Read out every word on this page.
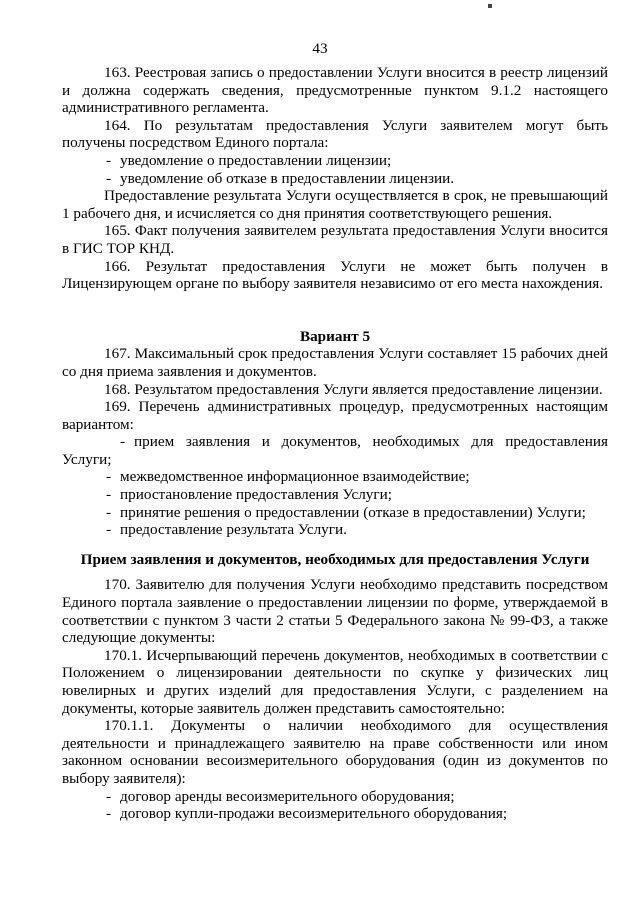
43

163. Реестровая запись о предоставлении Услуги вносится в реестр лицензий и должна содержать сведения, предусмотренные пунктом 9.1.2 настоящего административного регламента.

164. По результатам предоставления Услуги заявителем могут быть получены посредством Единого портала:

- уведомление о предоставлении лицензии;

- уведомление об отказе в предоставлении лицензии.

Предоставление результата Услуги осуществляется в срок, не превышающий 1 рабочего дня, и исчисляется со дня принятия соответствующего решения.

165. Факт получения заявителем результата предоставления Услуги вносится в ГИС ТОР КНД.

166. Результат предоставления Услуги не может быть получен в Лицензирующем органе по выбору заявителя независимо от его места нахождения.

Вариант 5

167. Максимальный срок предоставления Услуги составляет 15 рабочих дней со дня приема заявления и документов.

168. Результатом предоставления Услуги является предоставление лицензии.

169. Перечень административных процедур, предусмотренных настоящим вариантом:

- прием заявления и документов, необходимых для предоставления Услуги;

- межведомственное информационное взаимодействие;

- приостановление предоставления Услуги;

- принятие решения о предоставлении (отказе в предоставлении) Услуги;

- предоставление результата Услуги.

Прием заявления и документов, необходимых для предоставления Услуги

170. Заявителю для получения Услуги необходимо представить посредством Единого портала заявление о предоставлении лицензии по форме, утверждаемой в соответствии с пунктом 3 части 2 статьи 5 Федерального закона № 99-ФЗ, а также следующие документы:

170.1. Исчерпывающий перечень документов, необходимых в соответствии с Положением о лицензировании деятельности по скупке у физических лиц ювелирных и других изделий для предоставления Услуги, с разделением на документы, которые заявитель должен представить самостоятельно:

170.1.1. Документы о наличии необходимого для осуществления деятельности и принадлежащего заявителю на праве собственности или ином законном основании весоизмерительного оборудования (один из документов по выбору заявителя):

- договор аренды весоизмерительного оборудования;

- договор купли-продажи весоизмерительного оборудования;
